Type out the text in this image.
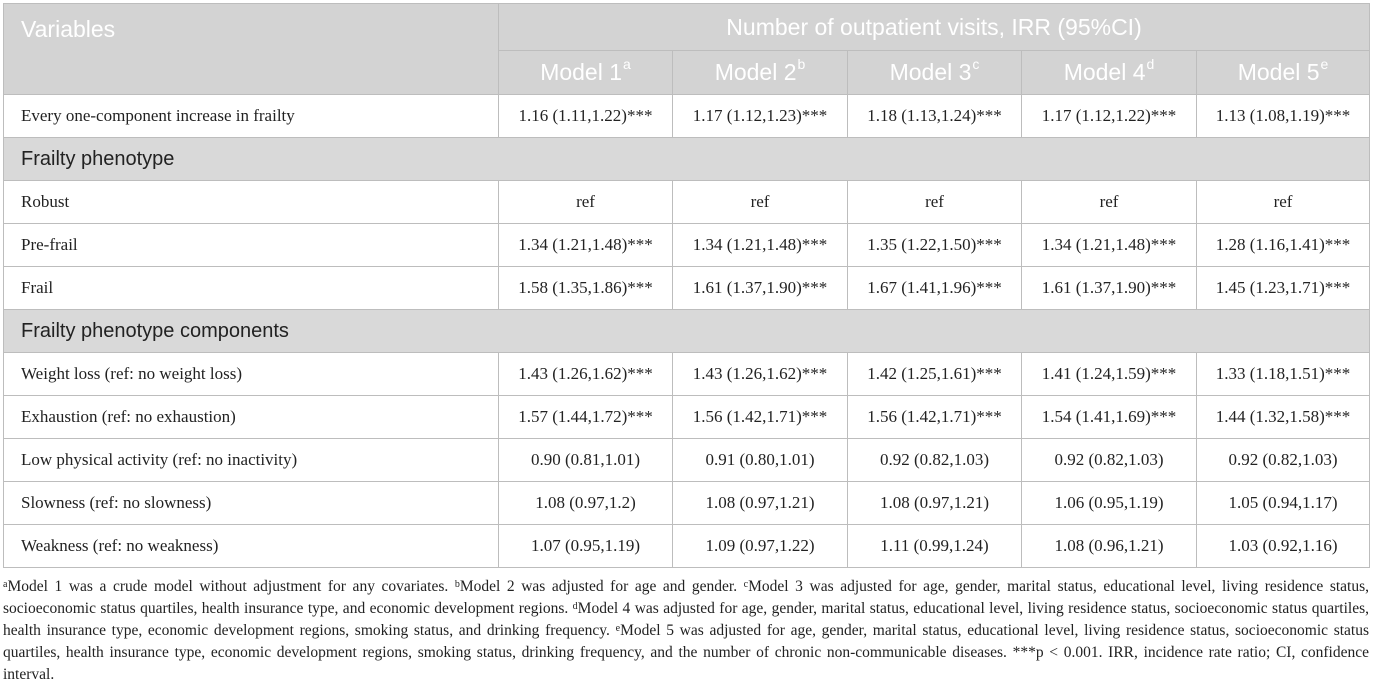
Variables	Number of outpatient visits, IRR (95%CI)				
	Model 1$^a$	Model 2$^b$	Model 3$^c$	Model 4$^d$	Model 5e
Every one-component increase in frailty	1.16 (1.11,1.22)***	1.17 (1.12,1.23)***	1.18 (1.13,1.24)***	1.17 (1.12,1.22)***	1.13 (1.08,1.19)***
Frailty phenotype					
Robust	ref	ref	ref	ref	ref
Pre-frail	1.34 (1.21,1.48)***	1.34 (1.21,1.48)***	1.35 (1.22,1.50)***	1.34 (1.21,1.48)***	1.28 (1.16,1.41)***
Frail	1.58 (1.35,1.86)***	1.61 (1.37,1.90)***	1.67 (1.41,1.96)***	1.61 (1.37,1.90)***	1.45 (1.23,1.71)***
Frailty phenotype components					
Weight loss (ref: no weight loss)	1.43 (1.26,1.62)***	1.43 (1.26,1.62)***	1.42 (1.25,1.61)***	1.41 (1.24,1.59)***	1.33 (1.18,1.51)***
Exhaustion (ref: no exhaustion)	1.57 (1.44,1.72)***	1.56 (1.42,1.71)***	1.56 (1.42,1.71)***	1.54 (1.41,1.69)***	1.44 (1.32,1.58)***
Low physical activity (ref: no inactivity)	0.90 (0.81,1.01)	0.91 (0.80,1.01)	0.92 (0.82,1.03)	0.92 (0.82,1.03)	0.92 (0.82,1.03)
Slowness (ref: no slowness)	1.08 (0.97,1.2)	1.08 (0.97,1.21)	1.08 (0.97,1.21)	1.06 (0.95,1.19)	1.05 (0.94,1.17)
Weakness (ref: no weakness)	1.07 (0.95,1.19)	1.09 (0.97,1.22)	1.11 (0.99,1.24)	1.08 (0.96,1.21)	1.03 (0.92,1.16)
$^a$Model 1 was a crude model without adjustment for any covariates. $^b$Model 2 was adjusted for age and gender. $^c$Model 3 was adjusted for age, gender, marital status, educational level, living residence status, socioeconomic status quartiles, health insurance type, and economic development regions. $^d$Model 4 was adjusted for age, gender, marital status, educational level, living residence status, socioeconomic status quartiles, health insurance type, economic development regions, smoking status, and drinking frequency. $^e$Model 5 was adjusted for age, gender, marital status, educational level, living residence status, socioeconomic status quartiles, health insurance type, economic development regions, smoking status, drinking frequency, and the number of chronic non-communicable diseases. ***p < 0.001. IRR, incidence rate ratio; CI, confidence interval.
